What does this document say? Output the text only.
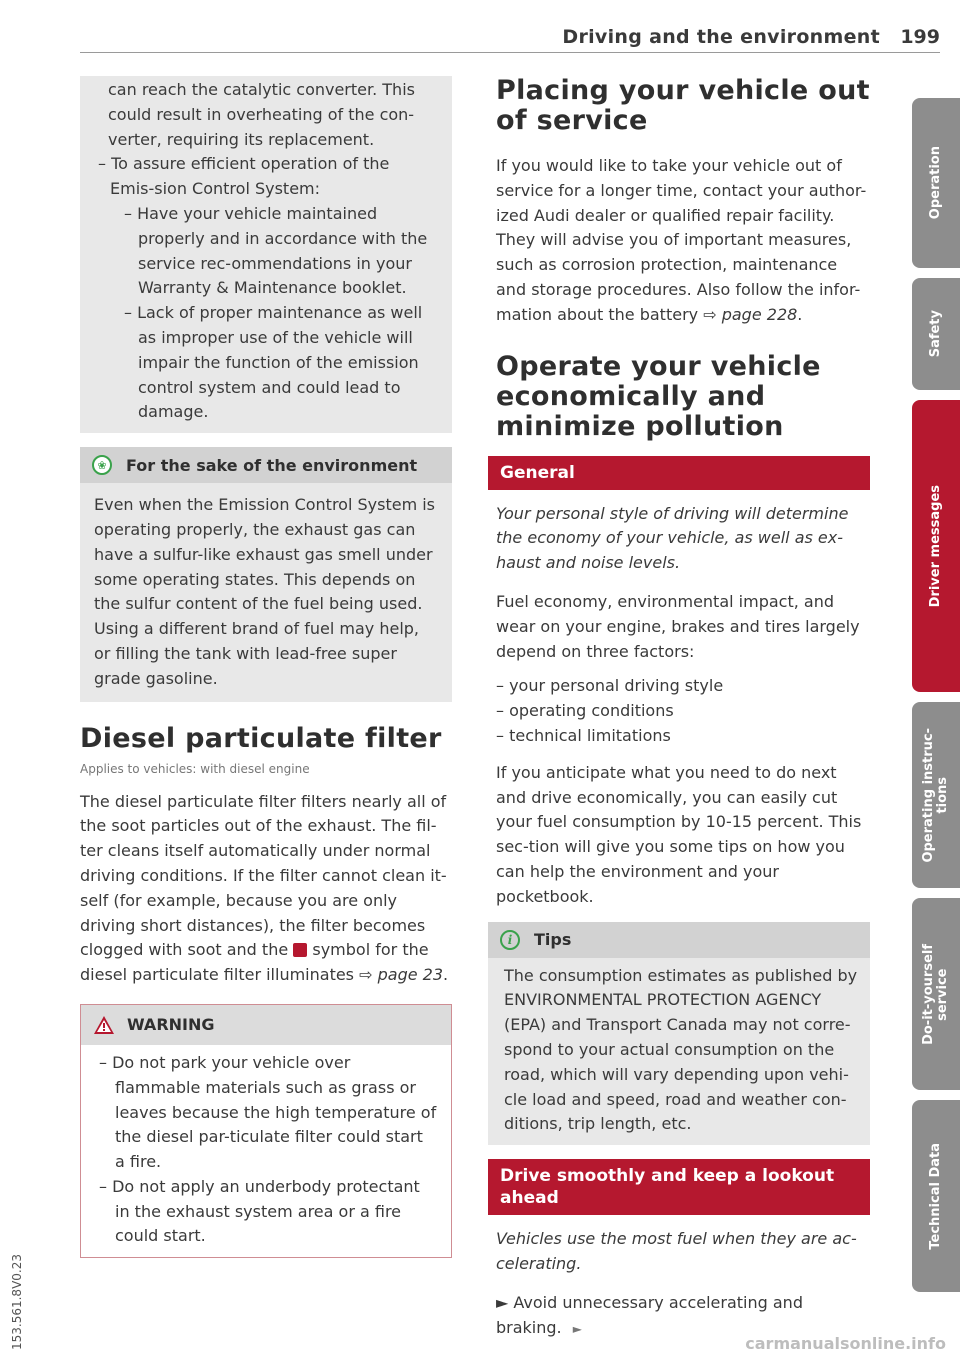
Driving and the environment 199
can reach the catalytic converter. This
could result in overheating of the con-
verter, requiring its replacement.
– To assure efficient operation of the Emis-sion Control System:
– Have your vehicle maintained properly and in accordance with the service rec-ommendations in your Warranty & Maintenance booklet.
– Lack of proper maintenance as well as improper use of the vehicle will impair the function of the emission control system and could lead to damage.
❀	For the sake of the environment
Even when the Emission Control System is operating properly, the exhaust gas can have a sulfur-like exhaust gas smell under some operating states. This depends on the sulfur content of the fuel being used. Using a different brand of fuel may help, or filling the tank with lead-free super grade gasoline.
Diesel particulate filter
Applies to vehicles: with diesel engine

The diesel particulate filter filters nearly all of the soot particles out of the exhaust. The fil-ter cleans itself automatically under normal driving conditions. If the filter cannot clean it-self (for example, because you are only driving short distances), the filter becomes clogged with soot and the symbol for the diesel particulate filter illuminates ⇨ page 23.

WARNING
– Do not park your vehicle over flammable materials such as grass or leaves because the high temperature of the diesel par-ticulate filter could start a fire.
– Do not apply an underbody protectant in the exhaust system area or a fire could start.
Placing your vehicle out of service

If you would like to take your vehicle out of service for a longer time, contact your author-ized Audi dealer or qualified repair facility. They will advise you of important measures, such as corrosion protection, maintenance and storage procedures. Also follow the infor-mation about the battery ⇨ page 228.

Operate your vehicle economically and minimize pollution
General

Your personal style of driving will determine the economy of your vehicle, as well as ex-haust and noise levels.

Fuel economy, environmental impact, and wear on your engine, brakes and tires largely depend on three factors:

– your personal driving style

– operating conditions

– technical limitations

If you anticipate what you need to do next and drive economically, you can easily cut your fuel consumption by 10-15 percent. This sec-tion will give you some tips on how you can help the environment and your pocketbook.

i	Tips
The consumption estimates as published by ENVIRONMENTAL PROTECTION AGENCY (EPA) and Transport Canada may not corre-spond to your actual consumption on the road, which will vary depending upon vehi-cle load and speed, road and weather con-ditions, trip length, etc.
Drive smoothly and keep a lookout ahead

Vehicles use the most fuel when they are ac-celerating.

► Avoid unnecessary accelerating and braking. ►

Operation
Safety
Driver messages
Operating instruc-
tions
Do-it-yourself
service
Technical Data
153.561.8V0.23	carmanualsonline.info
